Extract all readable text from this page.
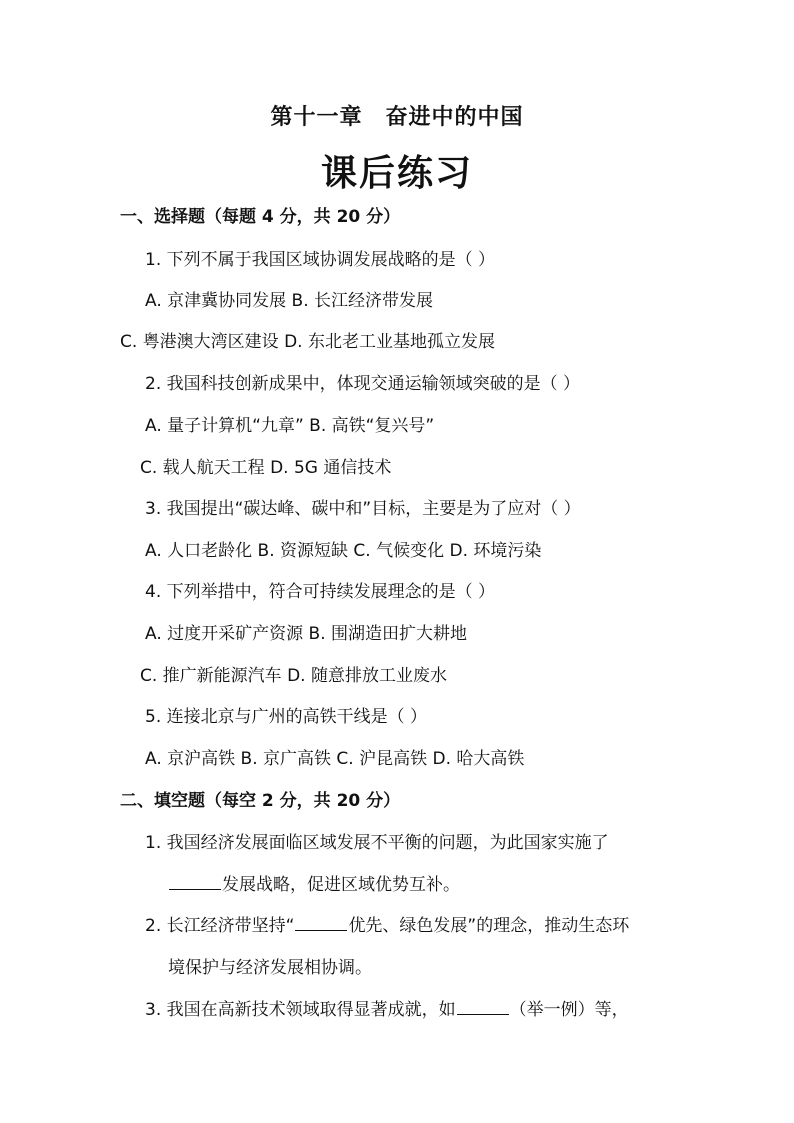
第十一章　奋进中的中国
课后练习
一、选择题（每题 4 分，共 20 分）
1. 下列不属于我国区域协调发展战略的是（ ）
A. 京津冀协同发展 B. 长江经济带发展
C. 粤港澳大湾区建设 D. 东北老工业基地孤立发展
2. 我国科技创新成果中，体现交通运输领域突破的是（ ）
A. 量子计算机“九章” B. 高铁“复兴号”
C. 载人航天工程 D. 5G 通信技术
3. 我国提出“碳达峰、碳中和”目标，主要是为了应对（ ）
A. 人口老龄化 B. 资源短缺 C. 气候变化 D. 环境污染
4. 下列举措中，符合可持续发展理念的是（ ）
A. 过度开采矿产资源 B. 围湖造田扩大耕地
C. 推广新能源汽车 D. 随意排放工业废水
5. 连接北京与广州的高铁干线是（ ）
A. 京沪高铁 B. 京广高铁 C. 沪昆高铁 D. 哈大高铁
二、填空题（每空 2 分，共 20 分）
1. 我国经济发展面临区域发展不平衡的问题，为此国家实施了
发展战略，促进区域优势互补。
2. 长江经济带坚持“	优先、绿色发展”的理念，推动生态环
境保护与经济发展相协调。
3. 我国在高新技术领域取得显著成就，如	（举一例）等，
